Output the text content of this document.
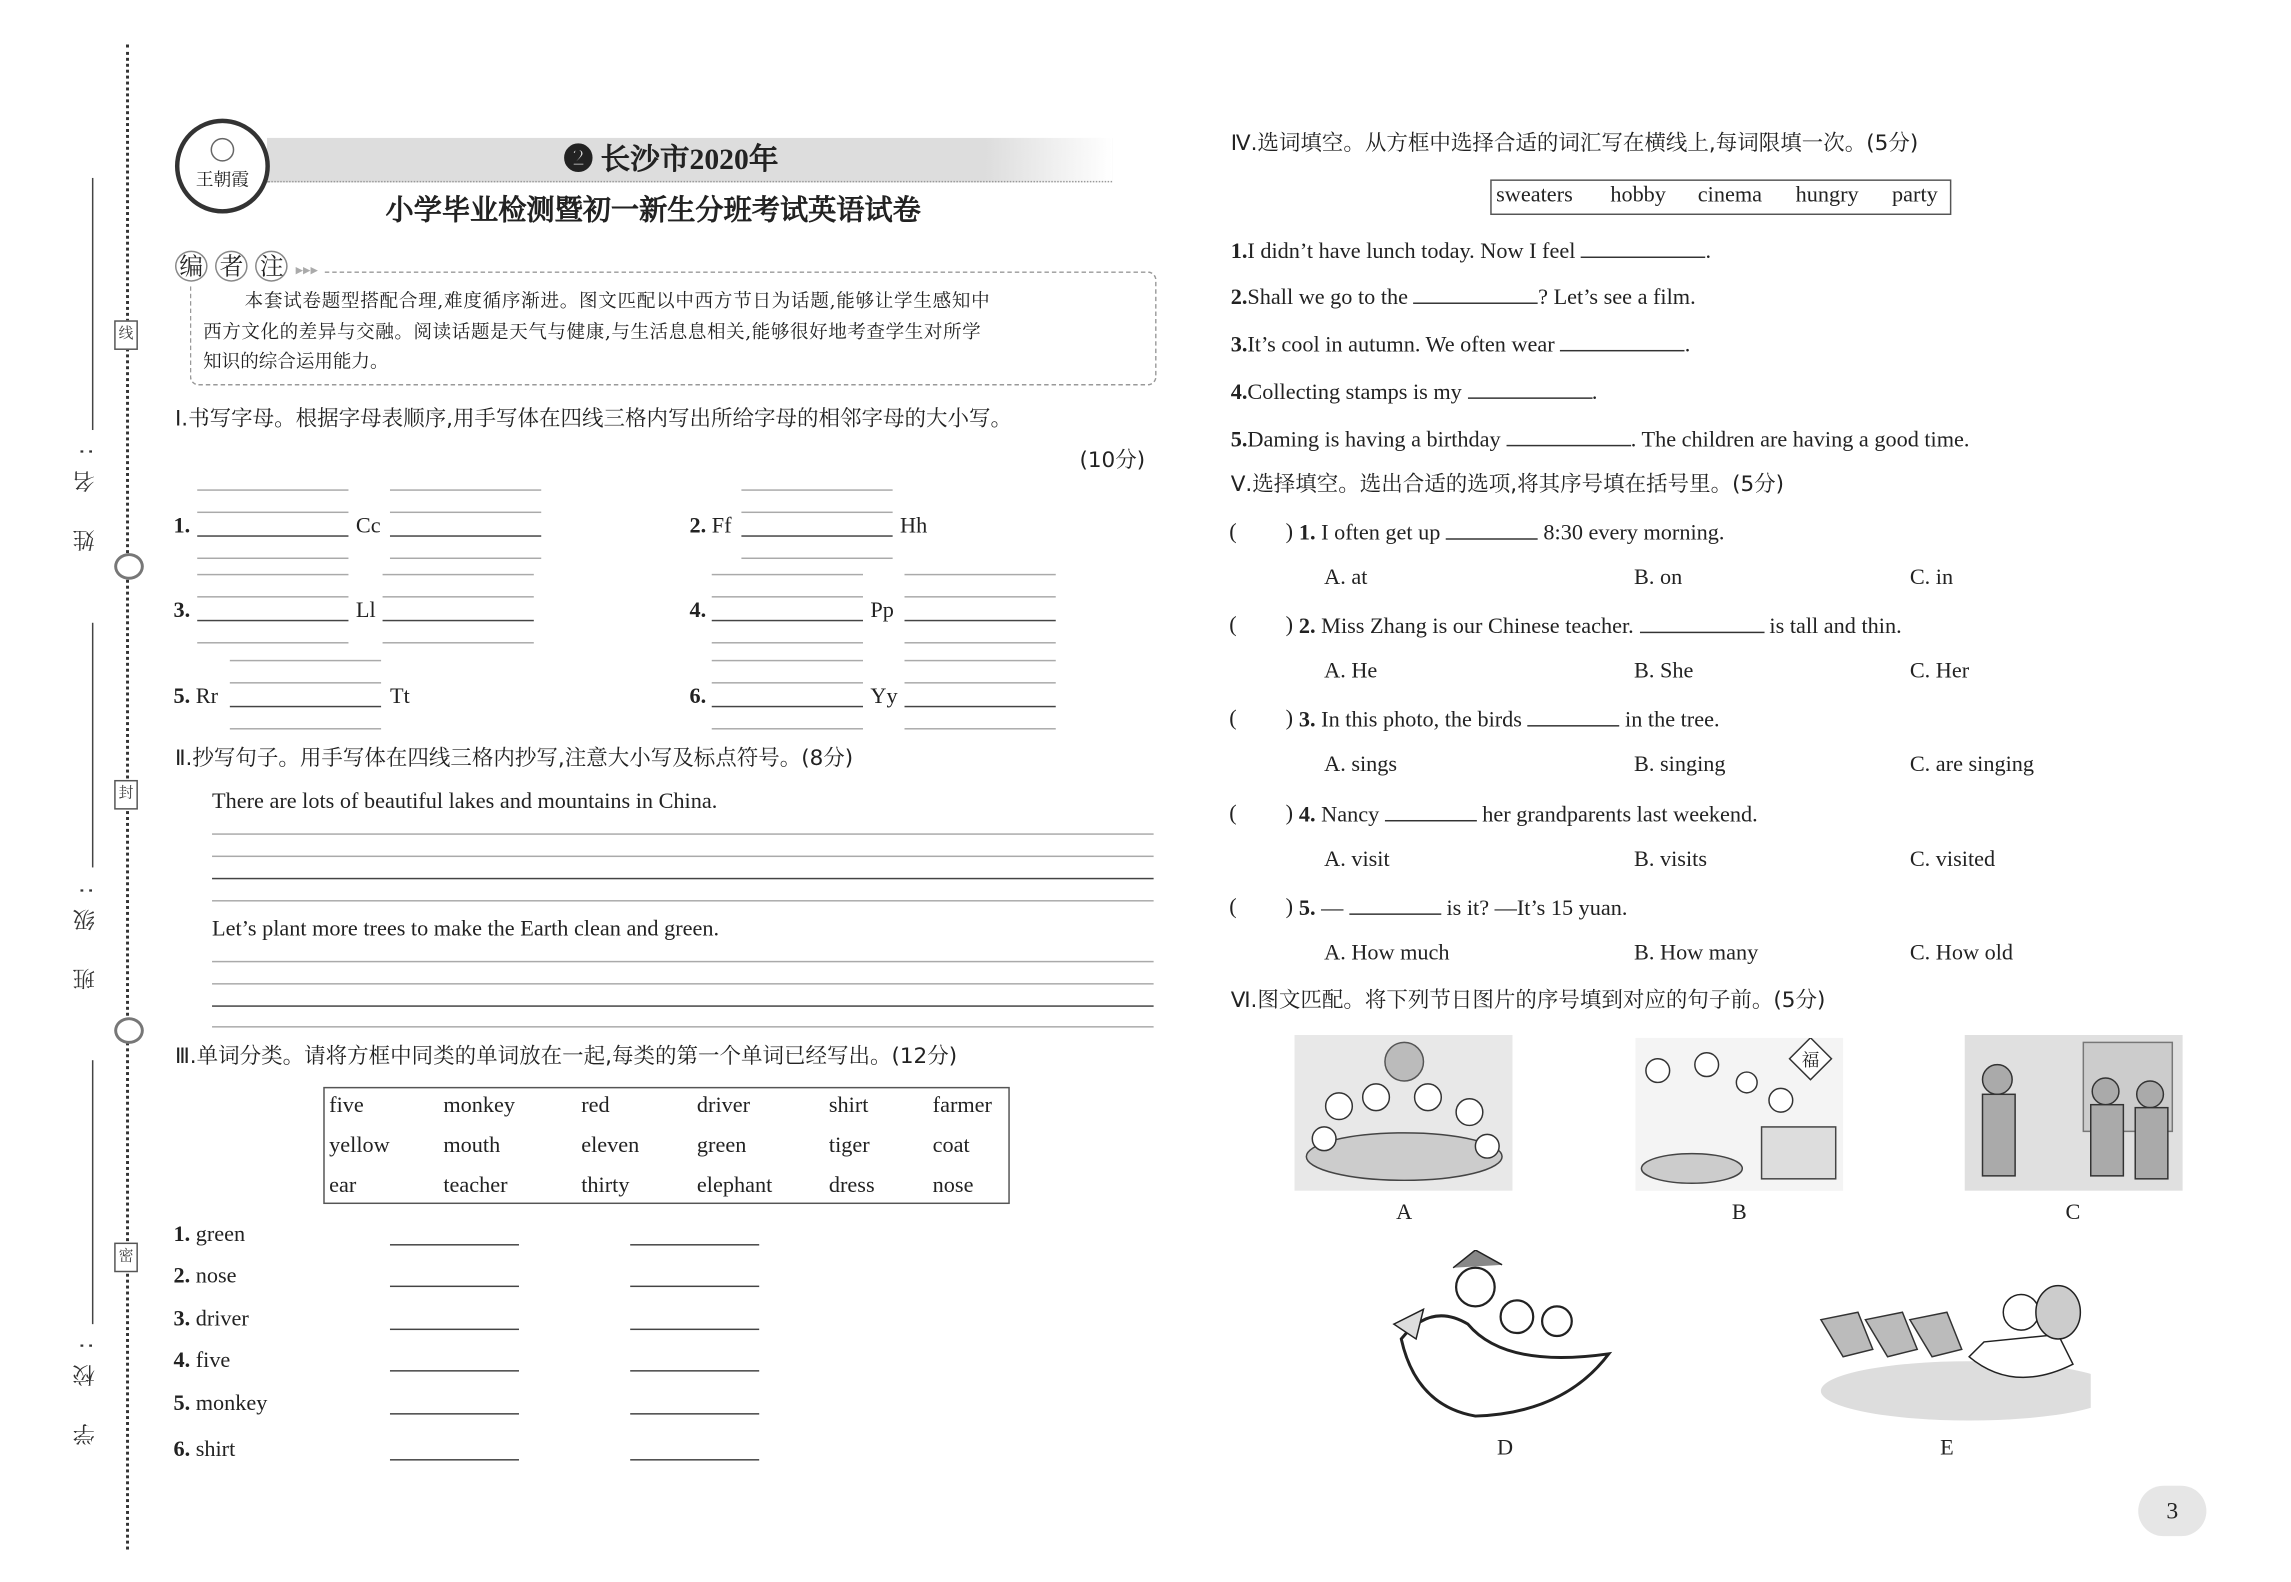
姓 名:
班 级:
学 校:
线
封
密
王朝霞
❷ 长沙市2020年
小学毕业检测暨初一新生分班考试英语试卷
编 者 注 ▸▸▸
本套试卷题型搭配合理,难度循序渐进。图文匹配以中西方节日为话题,能够让学生感知中
西方文化的差异与交融。阅读话题是天气与健康,与生活息息相关,能够很好地考查学生对所学
知识的综合运用能力。
Ⅰ.书写字母。根据字母表顺序,用手写体在四线三格内写出所给字母的相邻字母的大小写。
(10分)
1.	Cc	2. Ff	Hh
3.	Ll	4.	Pp
5. Rr	Tt	6.	Yy
Ⅱ.抄写句子。用手写体在四线三格内抄写,注意大小写及标点符号。(8分)
There are lots of beautiful lakes and mountains in China.
Let’s plant more trees to make the Earth clean and green.
Ⅲ.单词分类。请将方框中同类的单词放在一起,每类的第一个单词已经写出。(12分)
five	monkey	red	driver	shirt	farmer
yellow	mouth	eleven	green	tiger	coat
ear	teacher	thirty	elephant	dress	nose
1. green
2. nose
3. driver
4. five
5. monkey
6. shirt
Ⅳ.选词填空。从方框中选择合适的词汇写在横线上,每词限填一次。(5分)
sweaters	hobby cinema hungry party
1.I didn’t have lunch today. Now I feel	.
2.Shall we go to the	? Let’s see a film.
3.It’s cool in autumn. We often wear	.
4.Collecting stamps is my	.
5.Daming is having a birthday	. The children are having a good time.
Ⅴ.选择填空。选出合适的选项,将其序号填在括号里。(5分)
(	) 1. I often get up	8:30 every morning.
A. at	B. on	C. in
(	) 2. Miss Zhang is our Chinese teacher.	is tall and thin.
A. He	B. She	C. Her
(	) 3. In this photo, the birds	in the tree.
A. sings	B. singing	C. are singing
(	) 4. Nancy	her grandparents last weekend.
A. visit	B. visits	C. visited
(	) 5. —	is it? —It’s 15 yuan.
A. How much	B. How many	C. How old
Ⅵ.图文匹配。将下列节日图片的序号填到对应的句子前。(5分)
A
福
B	C
D	E
3
